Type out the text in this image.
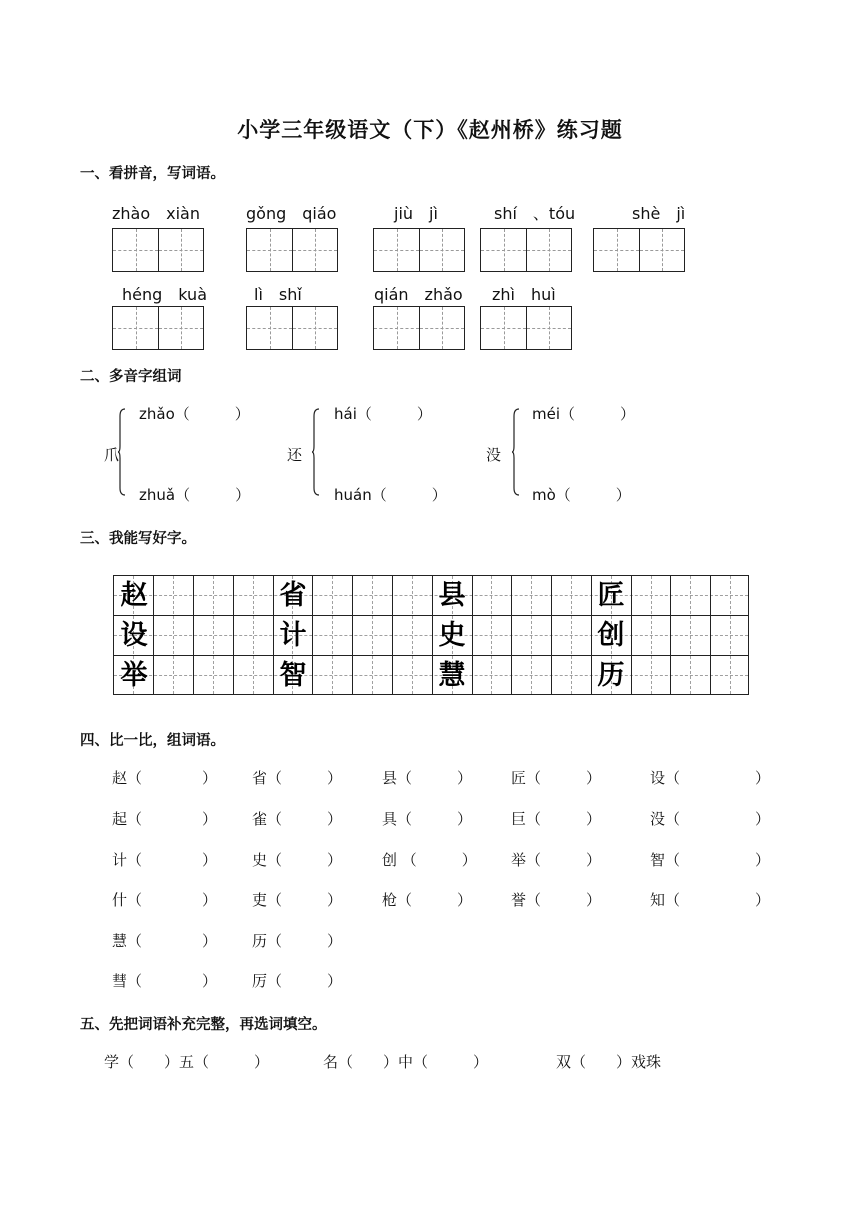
小学三年级语文（下）《赵州桥》练习题
一、看拼音，写词语。
zhào　xiàn	gǒng　qiáo	jiù　jì	shí　、tóu	shè　jì
héng　kuà	lì　shǐ	qián　zhǎo zhì　huì
二、多音字组词
爪
zhǎo（　　　）
zhuǎ（　　　）
还
hái（　　　）
huán（　　　）
没
méi（　　　）
mò（　　　）
三、我能写好字。
赵	省	县	匠
设	计	史	创
举	智	慧	历
四、比一比，组词语。
赵（　　　　） 省（　　　）	县（　　　）	匠（　　　）	设（　　　　　）
起（　　　　） 雀（　　　）	具（　　　）	巨（　　　）	没（　　　　　）
计（　　　　） 史（　　　）	创 （　　　） 举（　　　）	智（　　　　　）
什（　　　　） 吏（　　　）	枪（　　　）	誉（　　　）	知（　　　　　）
慧（　　　　） 历（　　　）
彗（　　　　） 厉（　　　）
五、先把词语补充完整，再选词填空。
学（　　）五（　　　）	名（　　）中（　　　）	双（　　）戏珠
